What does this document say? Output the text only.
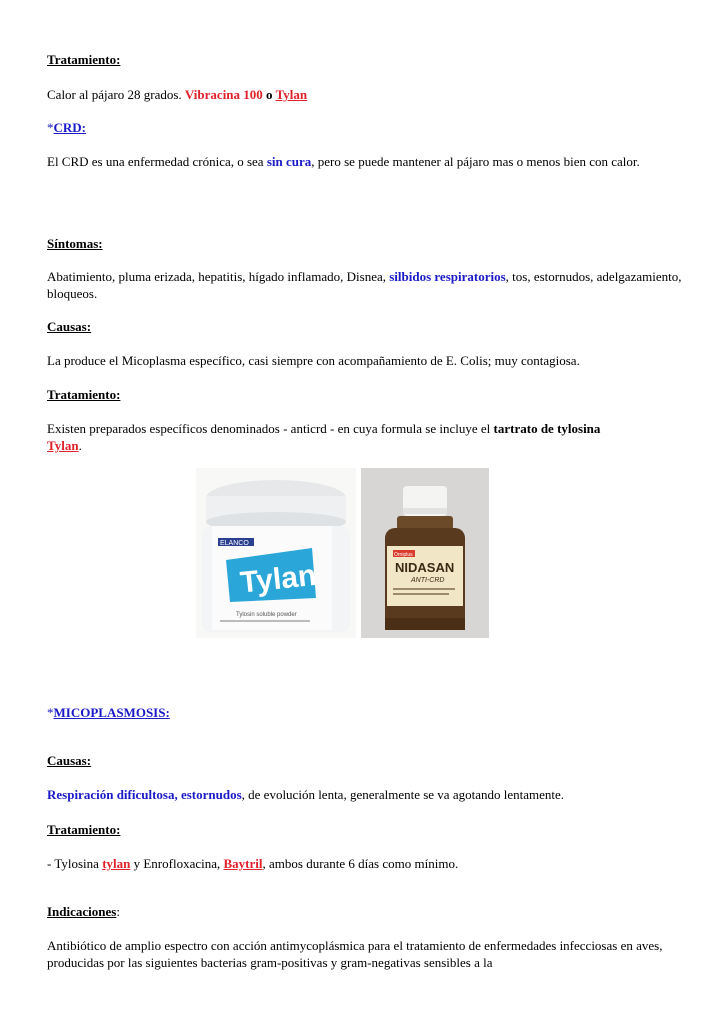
Tratamiento:

Calor al pájaro 28 grados. Vibracina 100 o Tylan

*CRD:

El CRD es una enfermedad crónica, o sea sin cura, pero se puede mantener al pájaro mas o menos bien con calor.

Síntomas:

Abatimiento, pluma erizada, hepatitis, hígado inflamado, Disnea, silbidos respiratorios, tos, estornudos, adelgazamiento, bloqueos.

Causas:

La produce el Micoplasma específico, casi siempre con acompañamiento de E. Colis; muy contagiosa.

Tratamiento:

Existen preparados específicos denominados - anticrd - en cuya formula se incluye el tartrato de tylosina
Tylan.

ELANCO
Tylan
Tylosin soluble powder
Orniplus
NIDASAN
ANTI-CRD

*MICOPLASMOSIS:

Causas:

Respiración dificultosa, estornudos, de evolución lenta, generalmente se va agotando lentamente.

Tratamiento:

- Tylosina tylan y Enrofloxacina, Baytril, ambos durante 6 días como mínimo.

Indicaciones:

Antibiótico de amplio espectro con acción antimycoplásmica para el tratamiento de enfermedades infecciosas en aves, producidas por las siguientes bacterias gram-positivas y gram-negativas sensibles a la
